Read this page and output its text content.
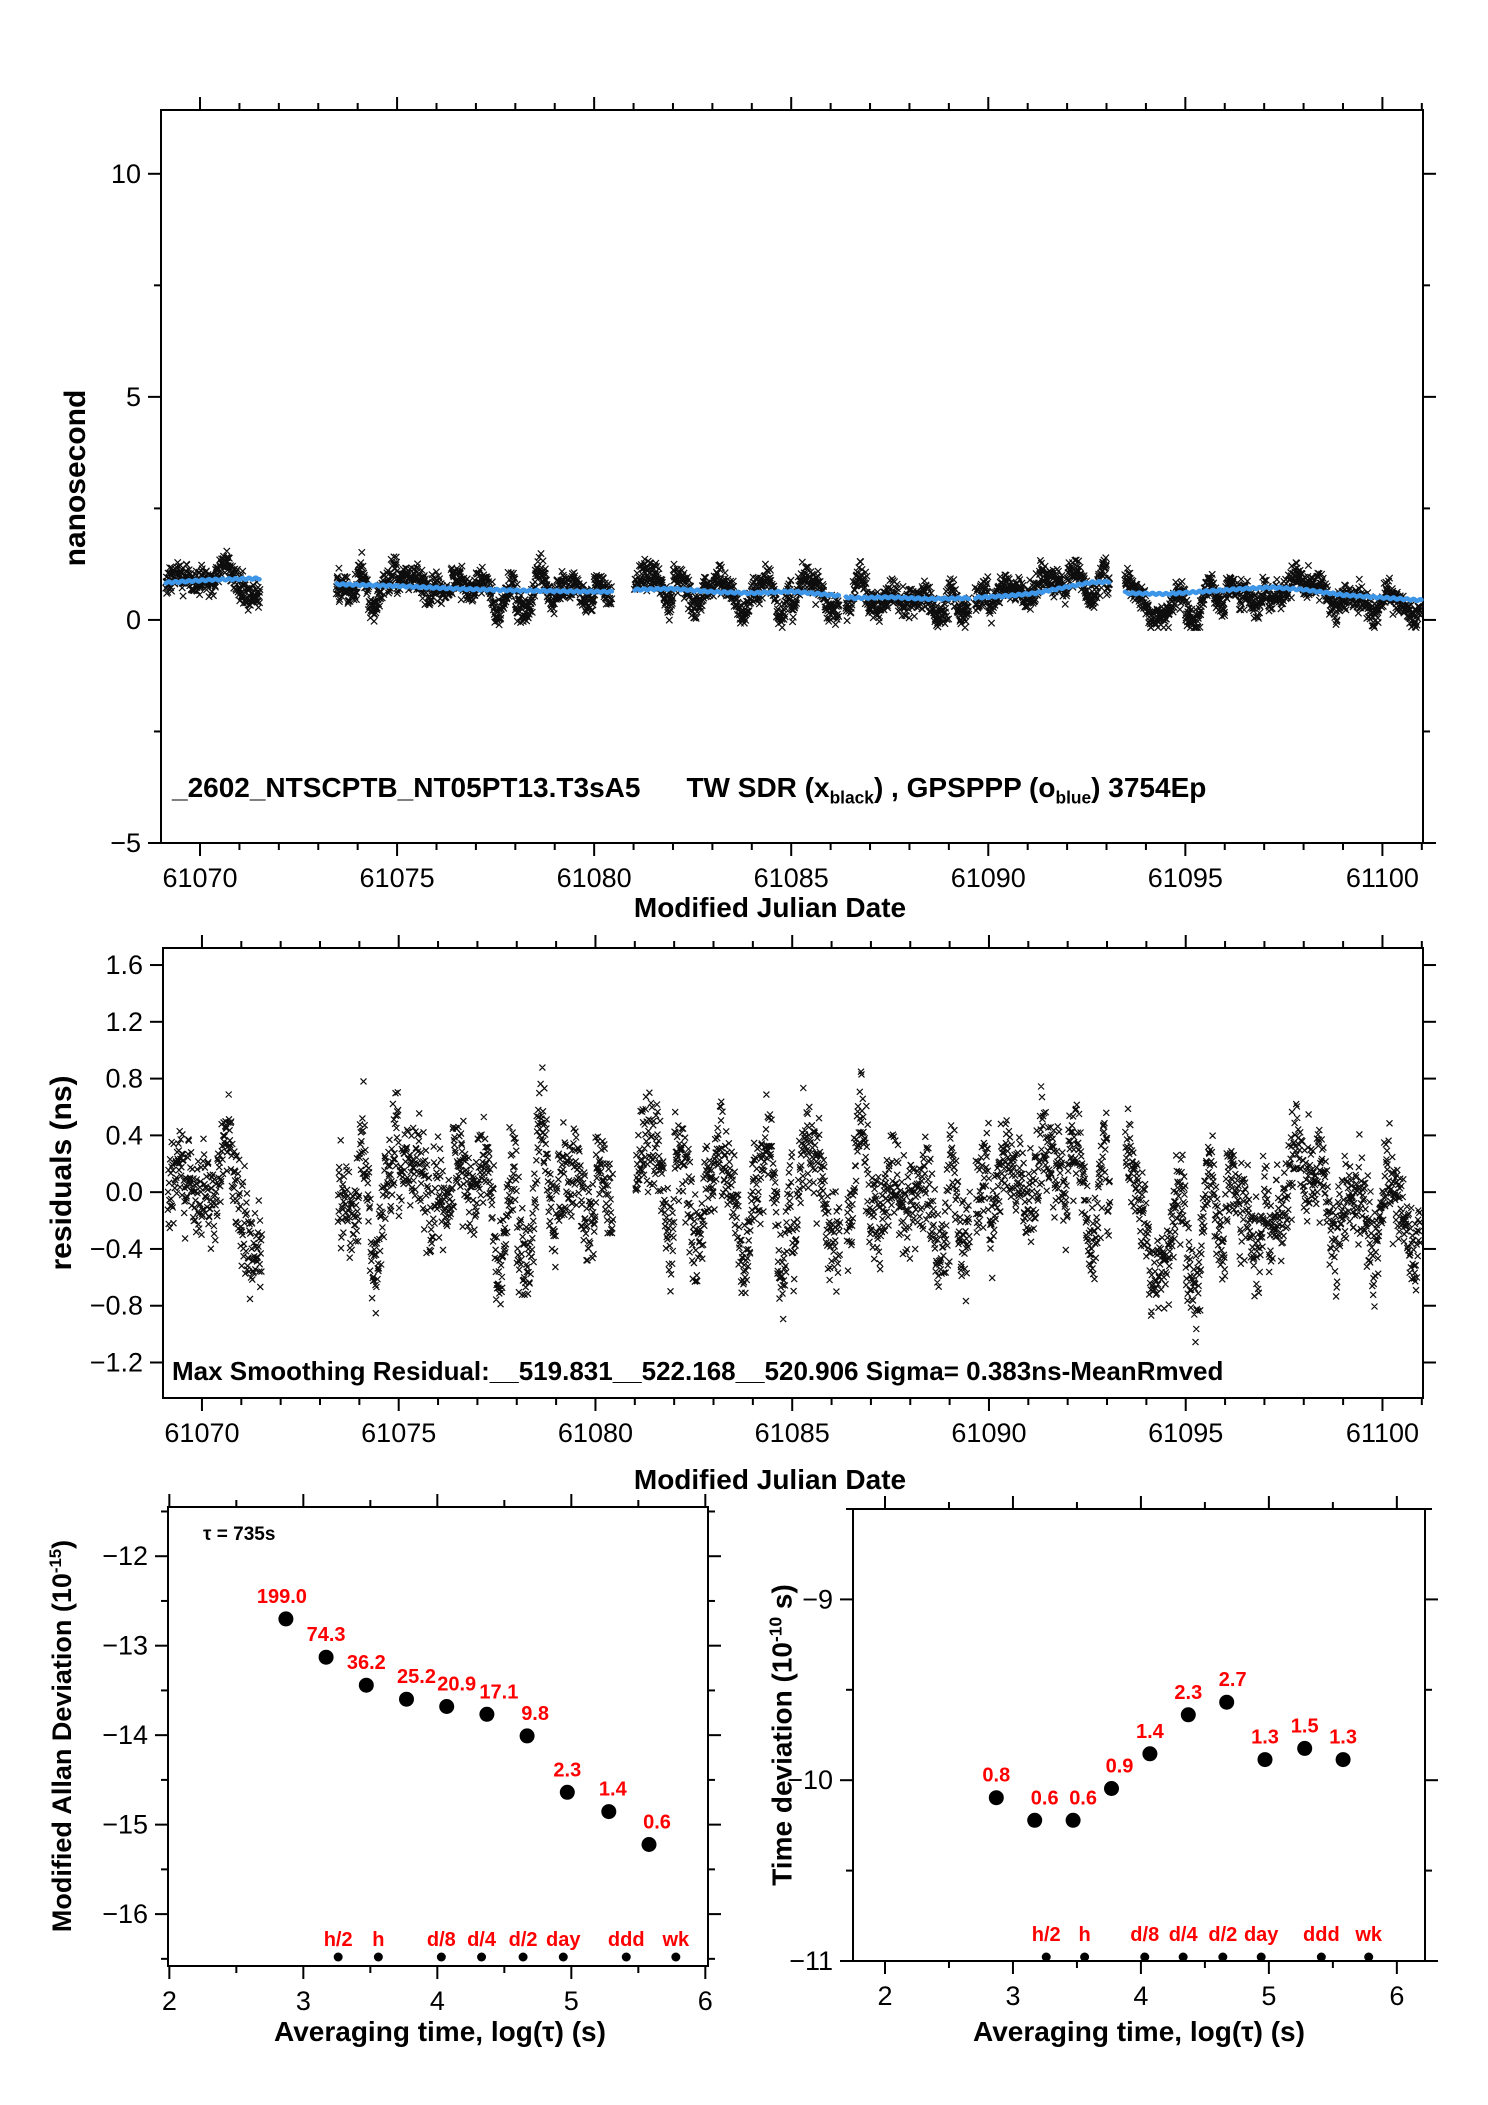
61070	61075	61080	61085	61090	61095	61100
10
5
0
−5
61070	61075	61080	61085	61090	61095	61100
1.6
1.2
0.8
0.4
0.0
−0.4
−0.8
−1.2
2	3	4	5	6
−12
−13
−14
−15
−16
h/2 h d/8 d/4 d/2 day ddd wk
199.0
74.3
36.2
25.2 20.9 17.1
9.8
2.3
1.4
0.6
2	3	4	5	6
−9
−10
−11
h/2 h d/8 d/4 d/2 day ddd wk
0.8
0.6 0.6
0.9
1.4
2.3
2.7
1.3
1.5
1.3
nanosecond
_2602_NTSCPTB_NT05PT13.T3sA5 TW SDR $(x_{black})$ , GPSPPP $(o_{blue})$ 3754Ep
Modified Julian Date
residuals (ns)
Max Smoothing Residual:__519.831__522.168__520.906 Sigma= 0.383ns-MeanRmved
Modified Julian Date
Modified Allan Deviation $(10^{-15})$	τ = 735s
Averaging time, log(τ) (s)
Time deviation ($10^{-10}$ s)
Averaging time, log(τ) (s)
